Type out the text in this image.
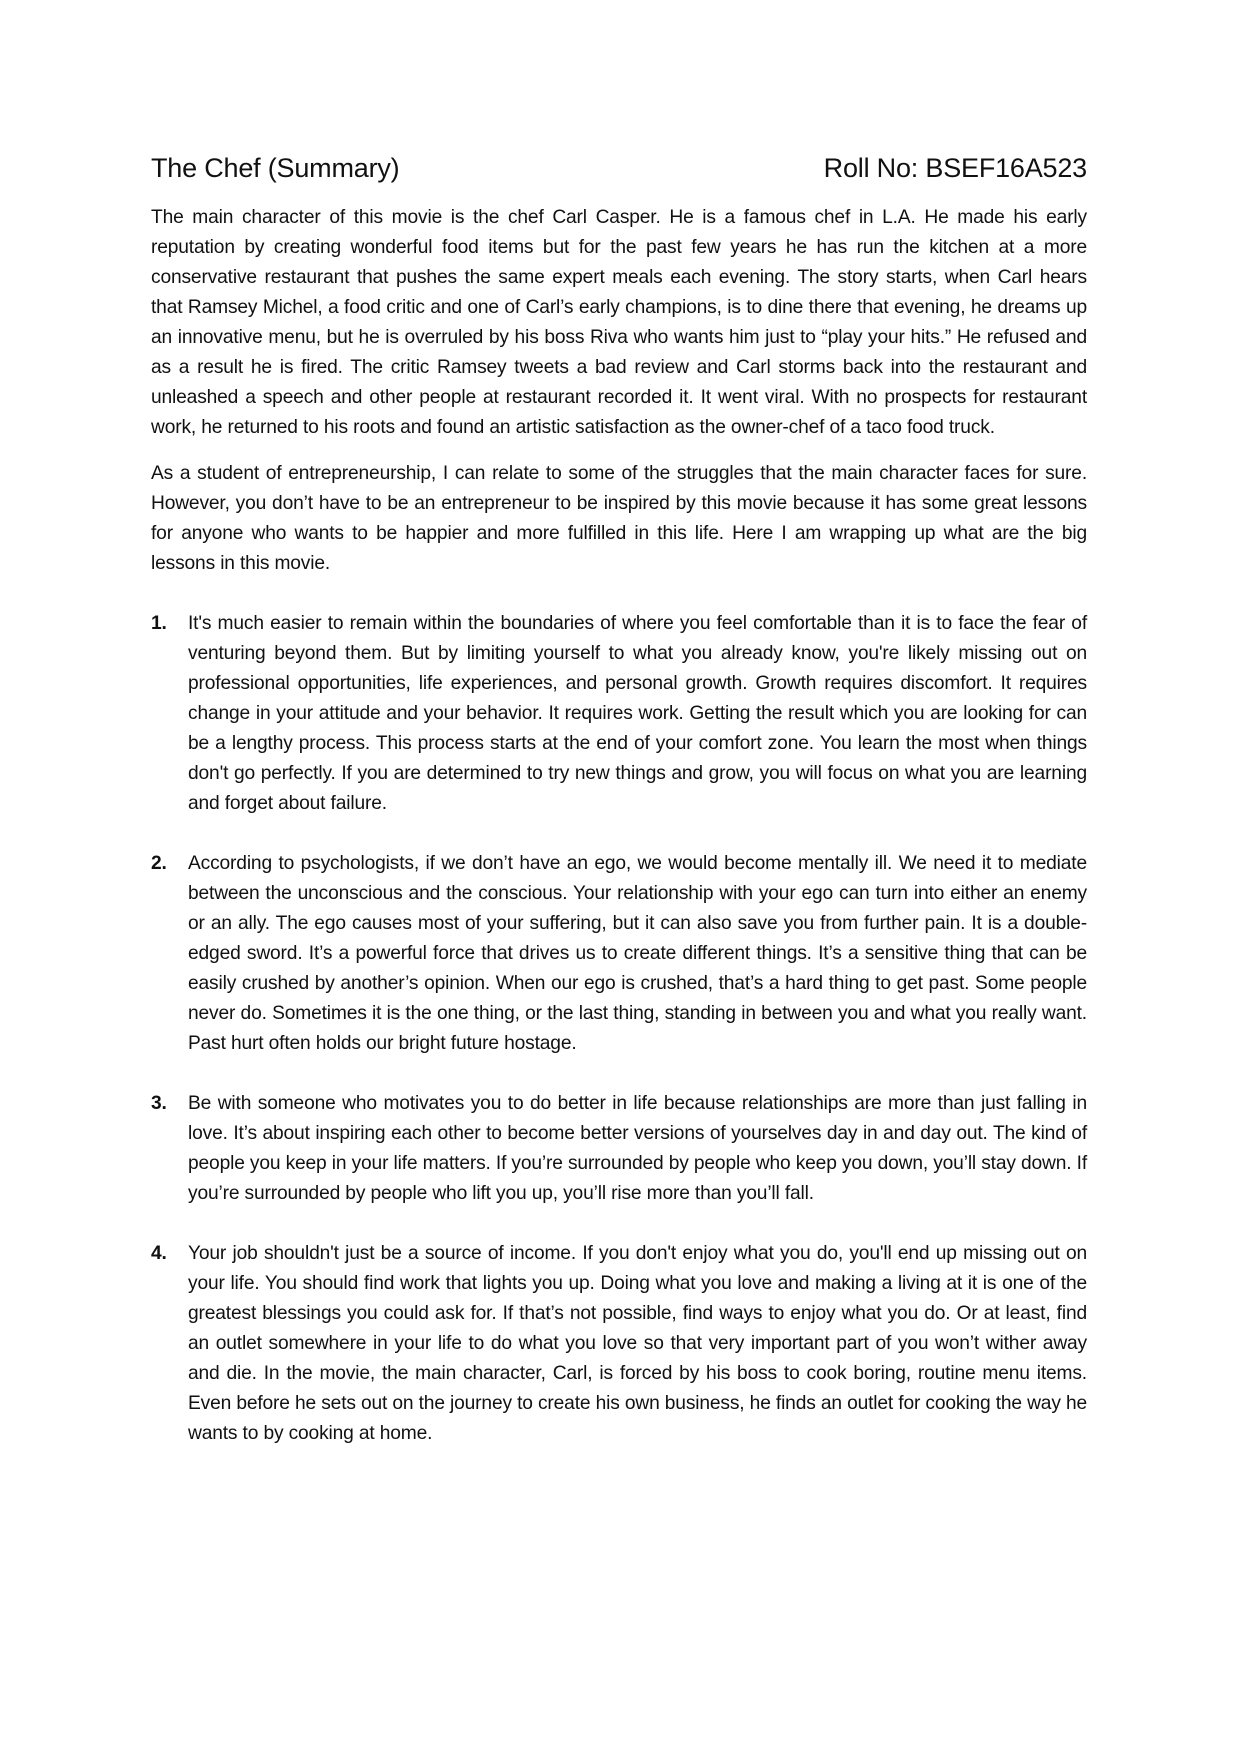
The Chef (Summary)	Roll No: BSEF16A523

The main character of this movie is the chef Carl Casper. He is a famous chef in L.A. He made his early reputation by creating wonderful food items but for the past few years he has run the kitchen at a more conservative restaurant that pushes the same expert meals each evening. The story starts, when Carl hears that Ramsey Michel, a food critic and one of Carl’s early champions, is to dine there that evening, he dreams up an innovative menu, but he is overruled by his boss Riva who wants him just to “play your hits.” He refused and as a result he is fired. The critic Ramsey tweets a bad review and Carl storms back into the restaurant and unleashed a speech and other people at restaurant recorded it. It went viral. With no prospects for restaurant work, he returned to his roots and found an artistic satisfaction as the owner-chef of a taco food truck.

As a student of entrepreneurship, I can relate to some of the struggles that the main character faces for sure. However, you don’t have to be an entrepreneur to be inspired by this movie because it has some great lessons for anyone who wants to be happier and more fulfilled in this life. Here I am wrapping up what are the big lessons in this movie.

1. It's much easier to remain within the boundaries of where you feel comfortable than it is to face the fear of venturing beyond them. But by limiting yourself to what you already know, you're likely missing out on professional opportunities, life experiences, and personal growth. Growth requires discomfort. It requires change in your attitude and your behavior. It requires work. Getting the result which you are looking for can be a lengthy process. This process starts at the end of your comfort zone. You learn the most when things don't go perfectly. If you are determined to try new things and grow, you will focus on what you are learning and forget about failure.
2. According to psychologists, if we don’t have an ego, we would become mentally ill. We need it to mediate between the unconscious and the conscious. Your relationship with your ego can turn into either an enemy or an ally. The ego causes most of your suffering, but it can also save you from further pain. It is a double-edged sword. It’s a powerful force that drives us to create different things. It’s a sensitive thing that can be easily crushed by another’s opinion. When our ego is crushed, that’s a hard thing to get past. Some people never do. Sometimes it is the one thing, or the last thing, standing in between you and what you really want. Past hurt often holds our bright future hostage.
3. Be with someone who motivates you to do better in life because relationships are more than just falling in love. It’s about inspiring each other to become better versions of yourselves day in and day out. The kind of people you keep in your life matters. If you’re surrounded by people who keep you down, you’ll stay down. If you’re surrounded by people who lift you up, you’ll rise more than you’ll fall.
4. Your job shouldn't just be a source of income. If you don't enjoy what you do, you'll end up missing out on your life. You should find work that lights you up. Doing what you love and making a living at it is one of the greatest blessings you could ask for. If that’s not possible, find ways to enjoy what you do. Or at least, find an outlet somewhere in your life to do what you love so that very important part of you won’t wither away and die. In the movie, the main character, Carl, is forced by his boss to cook boring, routine menu items. Even before he sets out on the journey to create his own business, he finds an outlet for cooking the way he wants to by cooking at home.
